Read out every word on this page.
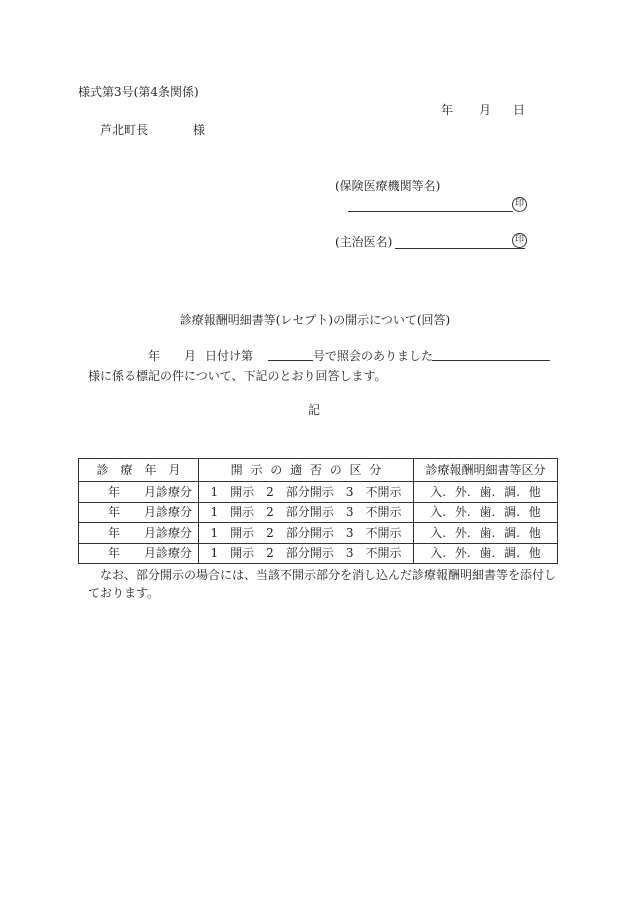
様式第3号(第4条関係)
年 月 日
芦北町長	様
(保険医療機関等名)
印
(主治医名)	印
診療報酬明細書等(レセプト)の開示について(回答)
年 月 日付け第	号で照会のありました
様に係る標記の件について、下記のとおり回答します。
記
診　療　年　月	開 示 の 適 否 の 区 分	診療報酬明細書等区分
年　　月診療分	1　開示　2　部分開示　3　不開示	入. 外. 歯. 調. 他
年　　月診療分	1　開示　2　部分開示　3　不開示	入. 外. 歯. 調. 他
年　　月診療分	1　開示　2　部分開示　3　不開示	入. 外. 歯. 調. 他
年　　月診療分	1　開示　2　部分開示　3　不開示	入. 外. 歯. 調. 他
なお、部分開示の場合には、当該不開示部分を消し込んだ診療報酬明細書等を添付し
ております。
